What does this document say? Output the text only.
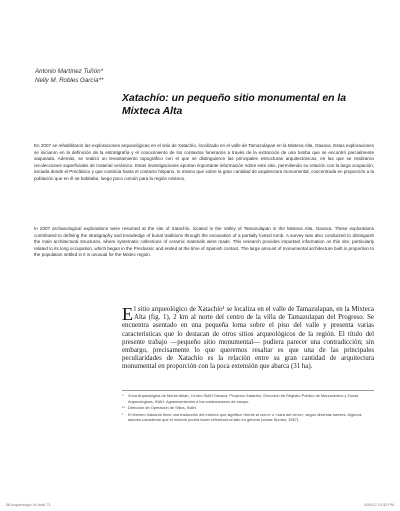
Antonio Martínez Tuñón*
Nelly M. Robles García**
Xatachío: un pequeño sitio monumental en la Mixteca Alta

En 2007 se rehabilitaron las exploraciones arqueológicas en el sitio de Xatachío, localizado en el valle de Tamazulapan en la Mixteca Alta, Oaxaca. Estas exploraciones se iniciaron en la definición de la estratigrafía y el conocimiento de los contextos funerarios a través de la extracción de una tumba que se encontró parcialmente saqueada. Además, se realizó un levantamiento topográfico con el que se distinguieron las principales estructuras arquitectónicas, en las que se realizaron recolecciones superficiales de material cerámico. Estas investigaciones aportan importante información sobre este sitio, permitiendo su relación con la larga ocupación, iniciada desde el Preclásico y que continúa hasta el contacto hispano, lo mismo que sobre la gran cantidad de arquitectura monumental, concentrada en proporción a la población que en él se habitaba, luego poco común para la región mixteca.

In 2007 archaeological explorations were resumed at the site of Xatachío, located in the Valley of Tamazulapan in the Mixteca Alta, Oaxaca. These explorations contributed to defining the stratigraphy and knowledge of burial traditions through the excavation of a partially looted tomb. A survey was also conducted to distinguish the main architectural structures, where systematic collections of ceramic materials were made. This research provides important information on this site, particularly related to its long occupation, which began in the Preclassic and ended at the time of Spanish contact. The large amount of monumental architecture built in proportion to the population settled in it is unusual for the Mixtec region.

El sitio arqueológico de Xatachío¹ se localiza en el valle de Tamazulapan, en la Mixteca Alta (fig. 1), 2 km al norte del centro de la villa de Tamazulapan del Progreso. Se encuentra asentado en una pequeña loma sobre el piso del valle y presenta varias características que lo destacan de otros sitios arqueológicos de la región. El título del presente trabajo —pequeño sitio monumental— pudiera parecer una contradicción; sin embargo, precisamente lo que queremos resaltar es que una de las principales peculiaridades de Xatachío es la relación entre su gran cantidad de arquitectura monumental en proporción con la poca extensión que abarca (31 ha).

* Zona Arqueológica de Monte Albán, Centro INAH Oaxaca. Proyecto Xatachío, Dirección de Registro Público de Monumentos y Zonas Arqueológicas, INAH. Agradecimientos a los colaboradores de campo.

** Dirección de Operación de Sitios, INAH.

¹ El término Xatachío tiene una traducción del mixteco que significa «frente al cerro» o «cara del cerro», según diversas fuentes. Algunos autores consideran que el nombre podría hacer referencia al sitio en general (véase Spores, 1967).

08 Arqueología 44.indd 73	4/28/12 10:32 PM
